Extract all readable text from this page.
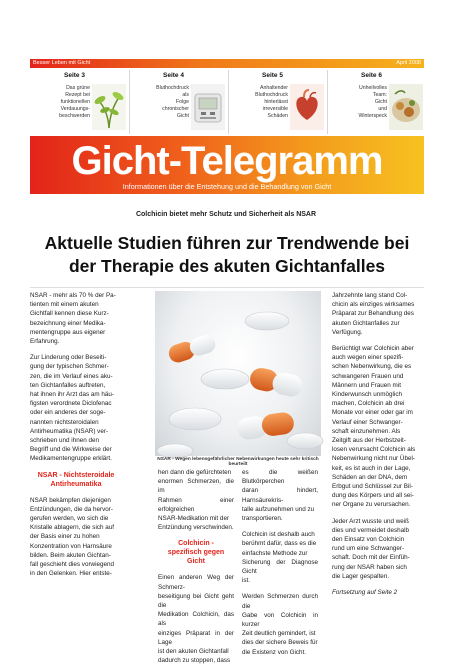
Besser Leben mit Gicht	April 2008
Seite 3
Das grüne
Rezept bei
funktionellen
Verdauungs-
beschwerden
Seite 4
Bluthochdruck
als
Folge
chronischer
Gicht
Seite 5
Anhaltender
Bluthochdruck
hinterlässt
irreversible
Schäden
Seite 6
Unheilvolles
Team:
Gicht
und
Winterspeck
Gicht-Telegramm
Informationen über die Entstehung und die Behandlung von Gicht
Colchicin bietet mehr Schutz und Sicherheit als NSAR
Aktuelle Studien führen zur Trendwende bei der Therapie des akuten Gichtanfalles

NSAR - mehr als 70 % der Pa-
tienten mit einem akuten
Gichtfall kennen diese Kurz-
bezeichnung einer Medika-
mentengruppe aus eigener
Erfahrung.

Zur Linderung oder Beseiti-
gung der typischen Schmer-
zen, die im Verlauf eines aku-
ten Gichtanfalles auftreten,
hat ihnen ihr Arzt das am häu-
figsten verordnete Diclofenac
oder ein anderes der soge-
nannten nichtsteroidalen
Antirheumatika (NSAR) ver-
schrieben und ihnen den
Begriff und die Wirkweise der
Medikamentengruppe erklärt.

NSAR - Nichtsteroidale
Antirheumatika

NSAR bekämpfen diejenigen
Entzündungen, die da hervor-
gerufen werden, wo sich die
Kristalle ablagern, die sich auf
der Basis einer zu hohen
Konzentration von Harnsäure
bilden. Beim akuten Gichtan-
fall geschieht dies vorwiegend
in den Gelenken. Hier entste-

NSAR - Wegen lebensgefährlicher Nebenwirkungen heute sehr kritisch beurteilt

hen dann die gefürchteten
enormen Schmerzen, die im
Rahmen einer erfolgreichen
NSAR-Medikation mit der
Entzündung verschwinden.

Colchicin -
spezifisch gegen Gicht

Einen anderen Weg der Schmerz-
beseitigung bei Gicht geht die
Medikation Colchicin, das als
einziges Präparat in der Lage
ist den akuten Gichtanfall
dadurch zu stoppen, dass

es die weißen Blutkörperchen
daran hindert, Harnsäurekris-
talle aufzunehmen und zu
transportieren.

Colchicin ist deshalb auch
berühmt dafür, dass es die
einfachste Methode zur
Sicherung der Diagnose Gicht
ist.

Werden Schmerzen durch die
Gabe von Colchicin in kurzer
Zeit deutlich gemindert, ist
dies der sichere Beweis für
die Existenz von Gicht.

Jahrzehnte lang stand Col-
chicin als einziges wirksames
Präparat zur Behandlung des
akuten Gichtanfalles zur
Verfügung.

Berüchtigt war Colchicin aber
auch wegen einer spezifi-
schen Nebenwirkung, die es
schwangeren Frauen und
Männern und Frauen mit
Kinderwunsch unmöglich
machen, Colchicin ab drei
Monate vor einer oder gar im
Verlauf einer Schwanger-
schaft einzunehmen. Als
Zeitgift aus der Herbstzeit-
losen verursacht Colchicin als
Nebenwirkung nicht nur Übel-
keit, es ist auch in der Lage,
Schäden an der DNA, dem
Erbgut und Schlüssel zur Bil-
dung des Körpers und all sei-
ner Organe zu verursachen.

Jeder Arzt wusste und weiß
dies und vermeidet deshalb
den Einsatz von Colchicin
rund um eine Schwanger-
schaft. Doch mit der Einfüh-
rung der NSAR haben sich
die Lager gespalten.

Fortsetzung auf Seite 2
